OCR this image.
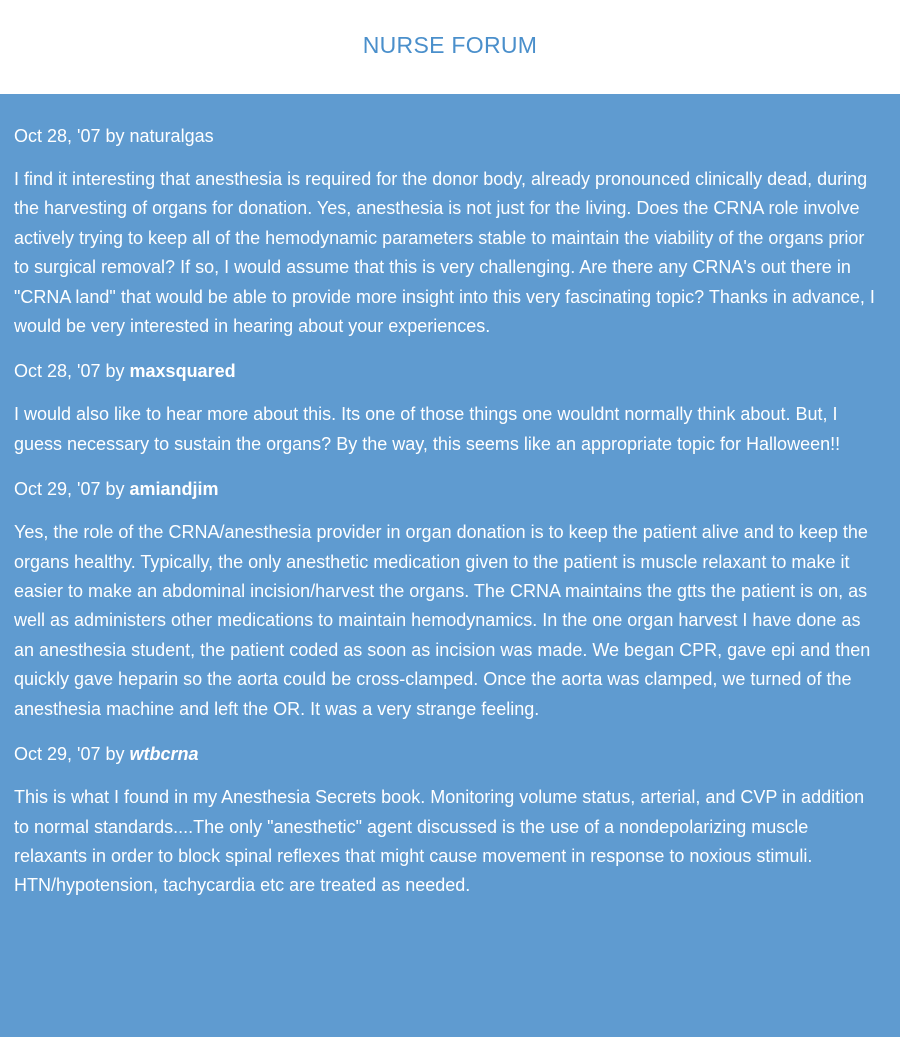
NURSE FORUM
Oct 28, '07 by naturalgas
I find it interesting that anesthesia is required for the donor body, already pronounced clinically dead, during the harvesting of organs for donation. Yes, anesthesia is not just for the living. Does the CRNA role involve actively trying to keep all of the hemodynamic parameters stable to maintain the viability of the organs prior to surgical removal? If so, I would assume that this is very challenging. Are there any CRNA's out there in "CRNA land" that would be able to provide more insight into this very fascinating topic? Thanks in advance, I would be very interested in hearing about your experiences.
Oct 28, '07 by maxsquared
I would also like to hear more about this. Its one of those things one wouldnt normally think about. But, I guess necessary to sustain the organs? By the way, this seems like an appropriate topic for Halloween!!
Oct 29, '07 by amiandjim
Yes, the role of the CRNA/anesthesia provider in organ donation is to keep the patient alive and to keep the organs healthy. Typically, the only anesthetic medication given to the patient is muscle relaxant to make it easier to make an abdominal incision/harvest the organs. The CRNA maintains the gtts the patient is on, as well as administers other medications to maintain hemodynamics. In the one organ harvest I have done as an anesthesia student, the patient coded as soon as incision was made. We began CPR, gave epi and then quickly gave heparin so the aorta could be cross-clamped. Once the aorta was clamped, we turned of the anesthesia machine and left the OR. It was a very strange feeling.
Oct 29, '07 by wtbcrna
This is what I found in my Anesthesia Secrets book. Monitoring volume status, arterial, and CVP in addition to normal standards....The only "anesthetic" agent discussed is the use of a nondepolarizing muscle relaxants in order to block spinal reflexes that might cause movement in response to noxious stimuli. HTN/hypotension, tachycardia etc are treated as needed.
